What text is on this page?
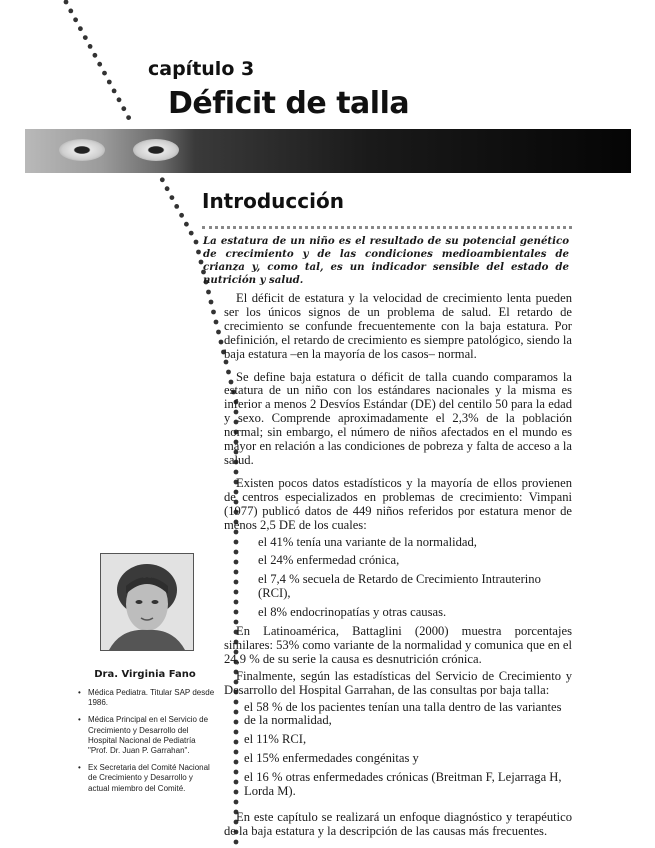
capítulo 3
Déficit de talla
Introducción
La estatura de un niño es el resultado de su potencial genético de crecimiento y de las condiciones medioambientales de crianza y, como tal, es un indicador sensible del estado de nutrición y salud.

El déficit de estatura y la velocidad de crecimiento lenta pueden ser los únicos signos de un problema de salud. El retardo de crecimiento se confunde frecuentemente con la baja estatura. Por definición, el retardo de crecimiento es siempre patológico, siendo la baja estatura –en la mayoría de los casos– normal.

Se define baja estatura o déficit de talla cuando comparamos la estatura de un niño con los estándares nacionales y la misma es inferior a menos 2 Desvíos Estándar (DE) del centilo 50 para la edad y sexo. Comprende aproximadamente el 2,3% de la población normal; sin embargo, el número de niños afectados en el mundo es mayor en relación a las condiciones de pobreza y falta de acceso a la salud.

Existen pocos datos estadísticos y la mayoría de ellos provienen de centros especializados en problemas de crecimiento: Vimpani (1977) publicó datos de 449 niños referidos por estatura menor de menos 2,5 DE de los cuales:

el 41% tenía una variante de la normalidad,
el 24% enfermedad crónica,
el 7,4 % secuela de Retardo de Crecimiento Intrauterino (RCI),
el 8% endocrinopatías y otras causas.

En Latinoamérica, Battaglini (2000) muestra porcentajes similares: 53% como variante de la normalidad y comunica que en el 24,9 % de su serie la causa es desnutrición crónica.

Finalmente, según las estadísticas del Servicio de Crecimiento y Desarrollo del Hospital Garrahan, de las consultas por baja talla:

el 58 % de los pacientes tenían una talla dentro de las variantes de la normalidad,
el 11% RCI,
el 15% enfermedades congénitas y
el 16 % otras enfermedades crónicas (Breitman F, Lejarraga H, Lorda M).

En este capítulo se realizará un enfoque diagnóstico y terapéutico de la baja estatura y la descripción de las causas más frecuentes.

Dra. Virginia Fano
• Médica Pediatra. Titular SAP desde 1986.
• Médica Principal en el Servicio de Crecimiento y Desarrollo del Hospital Nacional de Pediatría "Prof. Dr. Juan P. Garrahan".
• Ex Secretaria del Comité Nacional de Crecimiento y Desarrollo y actual miembro del Comité.
